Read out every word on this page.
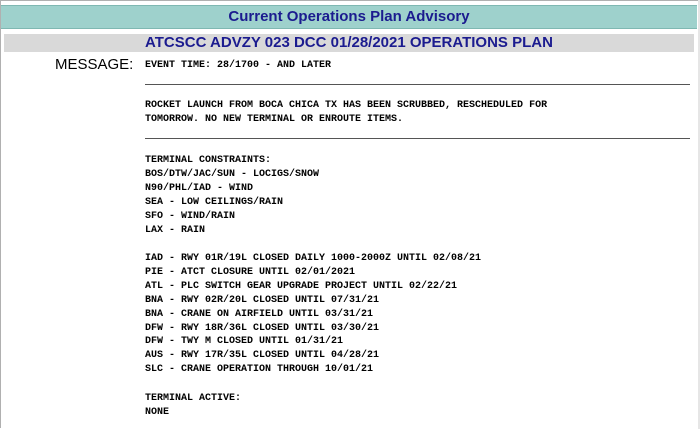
Current Operations Plan Advisory
ATCSCC ADVZY 023 DCC 01/28/2021 OPERATIONS PLAN
MESSAGE: EVENT TIME: 28/1700 - AND LATER
ROCKET LAUNCH FROM BOCA CHICA TX HAS BEEN SCRUBBED, RESCHEDULED FOR
TOMORROW. NO NEW TERMINAL OR ENROUTE ITEMS.
TERMINAL CONSTRAINTS:
BOS/DTW/JAC/SUN - LOCIGS/SNOW
N90/PHL/IAD - WIND
SEA - LOW CEILINGS/RAIN
SFO - WIND/RAIN
LAX - RAIN
IAD - RWY 01R/19L CLOSED DAILY 1000-2000Z UNTIL 02/08/21
PIE - ATCT CLOSURE UNTIL 02/01/2021
ATL - PLC SWITCH GEAR UPGRADE PROJECT UNTIL 02/22/21
BNA - RWY 02R/20L CLOSED UNTIL 07/31/21
BNA - CRANE ON AIRFIELD UNTIL 03/31/21
DFW - RWY 18R/36L CLOSED UNTIL 03/30/21
DFW - TWY M CLOSED UNTIL 01/31/21
AUS - RWY 17R/35L CLOSED UNTIL 04/28/21
SLC - CRANE OPERATION THROUGH 10/01/21
TERMINAL ACTIVE:
NONE
